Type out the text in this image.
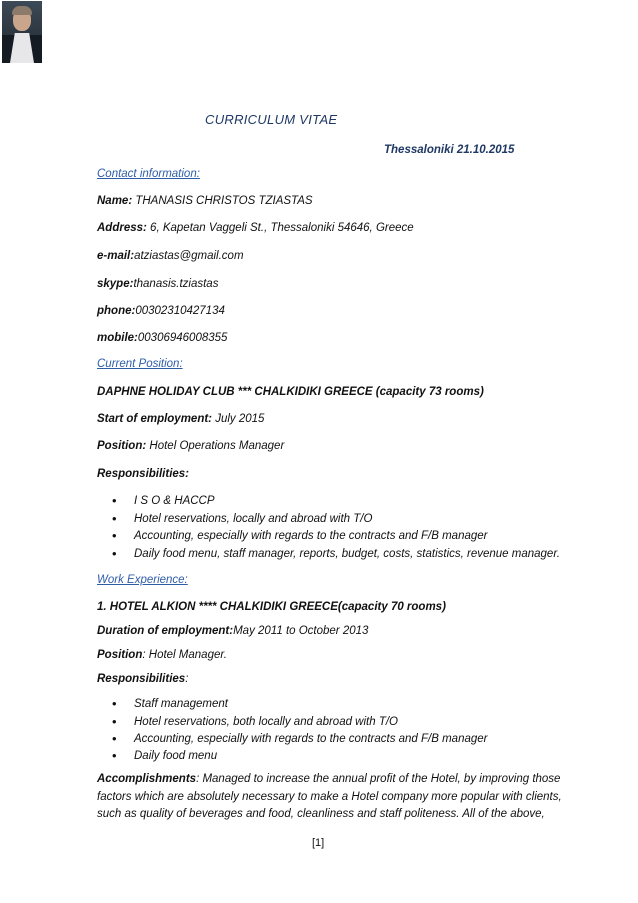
CURRICULUM VITAE
Thessaloniki 21.10.2015
Contact information:
Name: THANASIS CHRISTOS TZIASTAS
Address: 6, Kapetan Vaggeli St., Thessaloniki 54646, Greece
e-mail:atziastas@gmail.com
skype:thanasis.tziastas
phone:00302310427134
mobile:00306946008355
Current Position:
DAPHNE HOLIDAY CLUB *** CHALKIDIKI GREECE (capacity 73 rooms)
Start of employment: July 2015
Position: Hotel Operations Manager
Responsibilities:
• I S O & HACCP
• Hotel reservations, locally and abroad with T/O
• Accounting, especially with regards to the contracts and F/B manager
• Daily food menu, staff manager, reports, budget, costs, statistics, revenue manager.
Work Experience:
1. HOTEL ALKION **** CHALKIDIKI GREECE(capacity 70 rooms)
Duration of employment:May 2011 to October 2013
Position: Hotel Manager.
Responsibilities:
• Staff management
• Hotel reservations, both locally and abroad with T/O
• Accounting, especially with regards to the contracts and F/B manager
• Daily food menu
Accomplishments: Managed to increase the annual profit of the Hotel, by improving those
factors which are absolutely necessary to make a Hotel company more popular with clients,
such as quality of beverages and food, cleanliness and staff politeness. All of the above,
[1]
